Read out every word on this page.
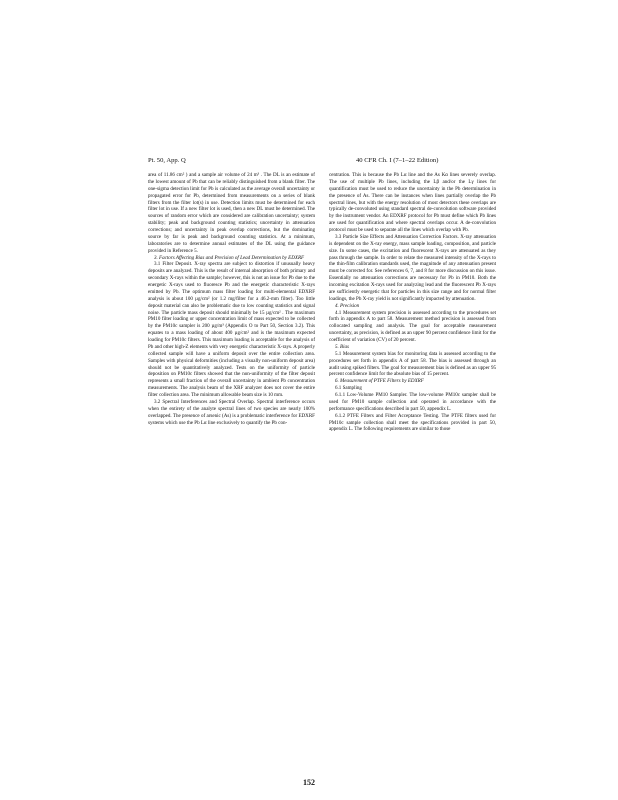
Pt. 50, App. Q	40 CFR Ch. I (7–1–22 Edition)

area of 11.86 cm² ) and a sample air volume of 24 m³ . The DL is an estimate of the lowest amount of Pb that can be reliably distinguished from a blank filter. The one-sigma detection limit for Pb is calculated as the average overall uncertainty or propagated error for Pb, determined from measurements on a series of blank filters from the filter lot(s) in use. Detection limits must be determined for each filter lot in use. If a new filter lot is used, then a new DL must be determined. The sources of random error which are considered are calibration uncertainty; system stability; peak and background counting statistics; uncertainty in attenuation corrections; and uncertainty in peak overlap corrections, but the dominating source by far is peak and background counting statistics. At a minimum, laboratories are to determine annual estimates of the DL using the guidance provided in Reference 5.

3. Factors Affecting Bias and Precision of Lead Determination by EDXRF

3.1 Filter Deposit. X-ray spectra are subject to distortion if unusually heavy deposits are analyzed. This is the result of internal absorption of both primary and secondary X-rays within the sample; however, this is not an issue for Pb due to the energetic X-rays used to fluoresce Pb and the energetic characteristic X-rays emitted by Pb. The optimum mass filter loading for multi-elemental EDXRF analysis is about 100 µg/cm² (or 1.2 mg/filter for a 46.2-mm filter). Too little deposit material can also be problematic due to low counting statistics and signal noise. The particle mass deposit should minimally be 15 µg/cm² . The maximum PM10 filter loading or upper concentration limit of mass expected to be collected by the PM10c sampler is 200 µg/m³ (Appendix O to Part 50, Section 3.2). This equates to a mass loading of about 400 µg/cm² and is the maximum expected loading for PM10c filters. This maximum loading is acceptable for the analysis of Pb and other high-Z elements with very energetic characteristic X-rays. A properly collected sample will have a uniform deposit over the entire collection area. Samples with physical deformities (including a visually non-uniform deposit area) should not be quantitatively analyzed. Tests on the uniformity of particle deposition on PM10c filters showed that the non-uniformity of the filter deposit represents a small fraction of the overall uncertainty in ambient Pb concentration measurements. The analysis beam of the XRF analyzer does not cover the entire filter collection area. The minimum allowable beam size is 10 mm.

3.2 Spectral Interferences and Spectral Overlap. Spectral interference occurs when the entirety of the analyte spectral lines of two species are nearly 100% overlapped. The presence of arsenic (As) is a problematic interference for EDXRF systems which use the Pb Lα line exclusively to quantify the Pb con-

centration. This is because the Pb Lα line and the As Kα lines severely overlap. The use of multiple Pb lines, including the Lβ and/or the Lγ lines for quantification must be used to reduce the uncertainty in the Pb determination in the presence of As. There can be instances when lines partially overlap the Pb spectral lines, but with the energy resolution of most detectors these overlaps are typically de-convoluted using standard spectral de-convolution software provided by the instrument vendor. An EDXRF protocol for Pb must define which Pb lines are used for quantification and where spectral overlaps occur. A de-convolution protocol must be used to separate all the lines which overlap with Pb.

3.3 Particle Size Effects and Attenuation Correction Factors. X-ray attenuation is dependent on the X-ray energy, mass sample loading, composition, and particle size. In some cases, the excitation and fluorescent X-rays are attenuated as they pass through the sample. In order to relate the measured intensity of the X-rays to the thin-film calibration standards used, the magnitude of any attenuation present must be corrected for. See references 6, 7, and 8 for more discussion on this issue. Essentially no attenuation corrections are necessary for Pb in PM10. Both the incoming excitation X-rays used for analyzing lead and the fluorescent Pb X-rays are sufficiently energetic that for particles in this size range and for normal filter loadings, the Pb X-ray yield is not significantly impacted by attenuation.

4. Precision

4.1 Measurement system precision is assessed according to the procedures set forth in appendix A to part 58. Measurement method precision is assessed from collocated sampling and analysis. The goal for acceptable measurement uncertainty, as precision, is defined as an upper 90 percent confidence limit for the coefficient of variation (CV) of 20 percent.

5. Bias

5.1 Measurement system bias for monitoring data is assessed according to the procedures set forth in appendix A of part 58. The bias is assessed through an audit using spiked filters. The goal for measurement bias is defined as an upper 95 percent confidence limit for the absolute bias of 15 percent.

6. Measurement of PTFE Filters by EDXRF

6.1 Sampling

6.1.1 Low-Volume PM10 Sampler. The low-volume PM10c sampler shall be used for PM10 sample collection and operated in accordance with the performance specifications described in part 50, appendix L.

6.1.2 PTFE Filters and Filter Acceptance Testing. The PTFE filters used for PM10c sample collection shall meet the specifications provided in part 50, appendix L. The following requirements are similar to those

152
